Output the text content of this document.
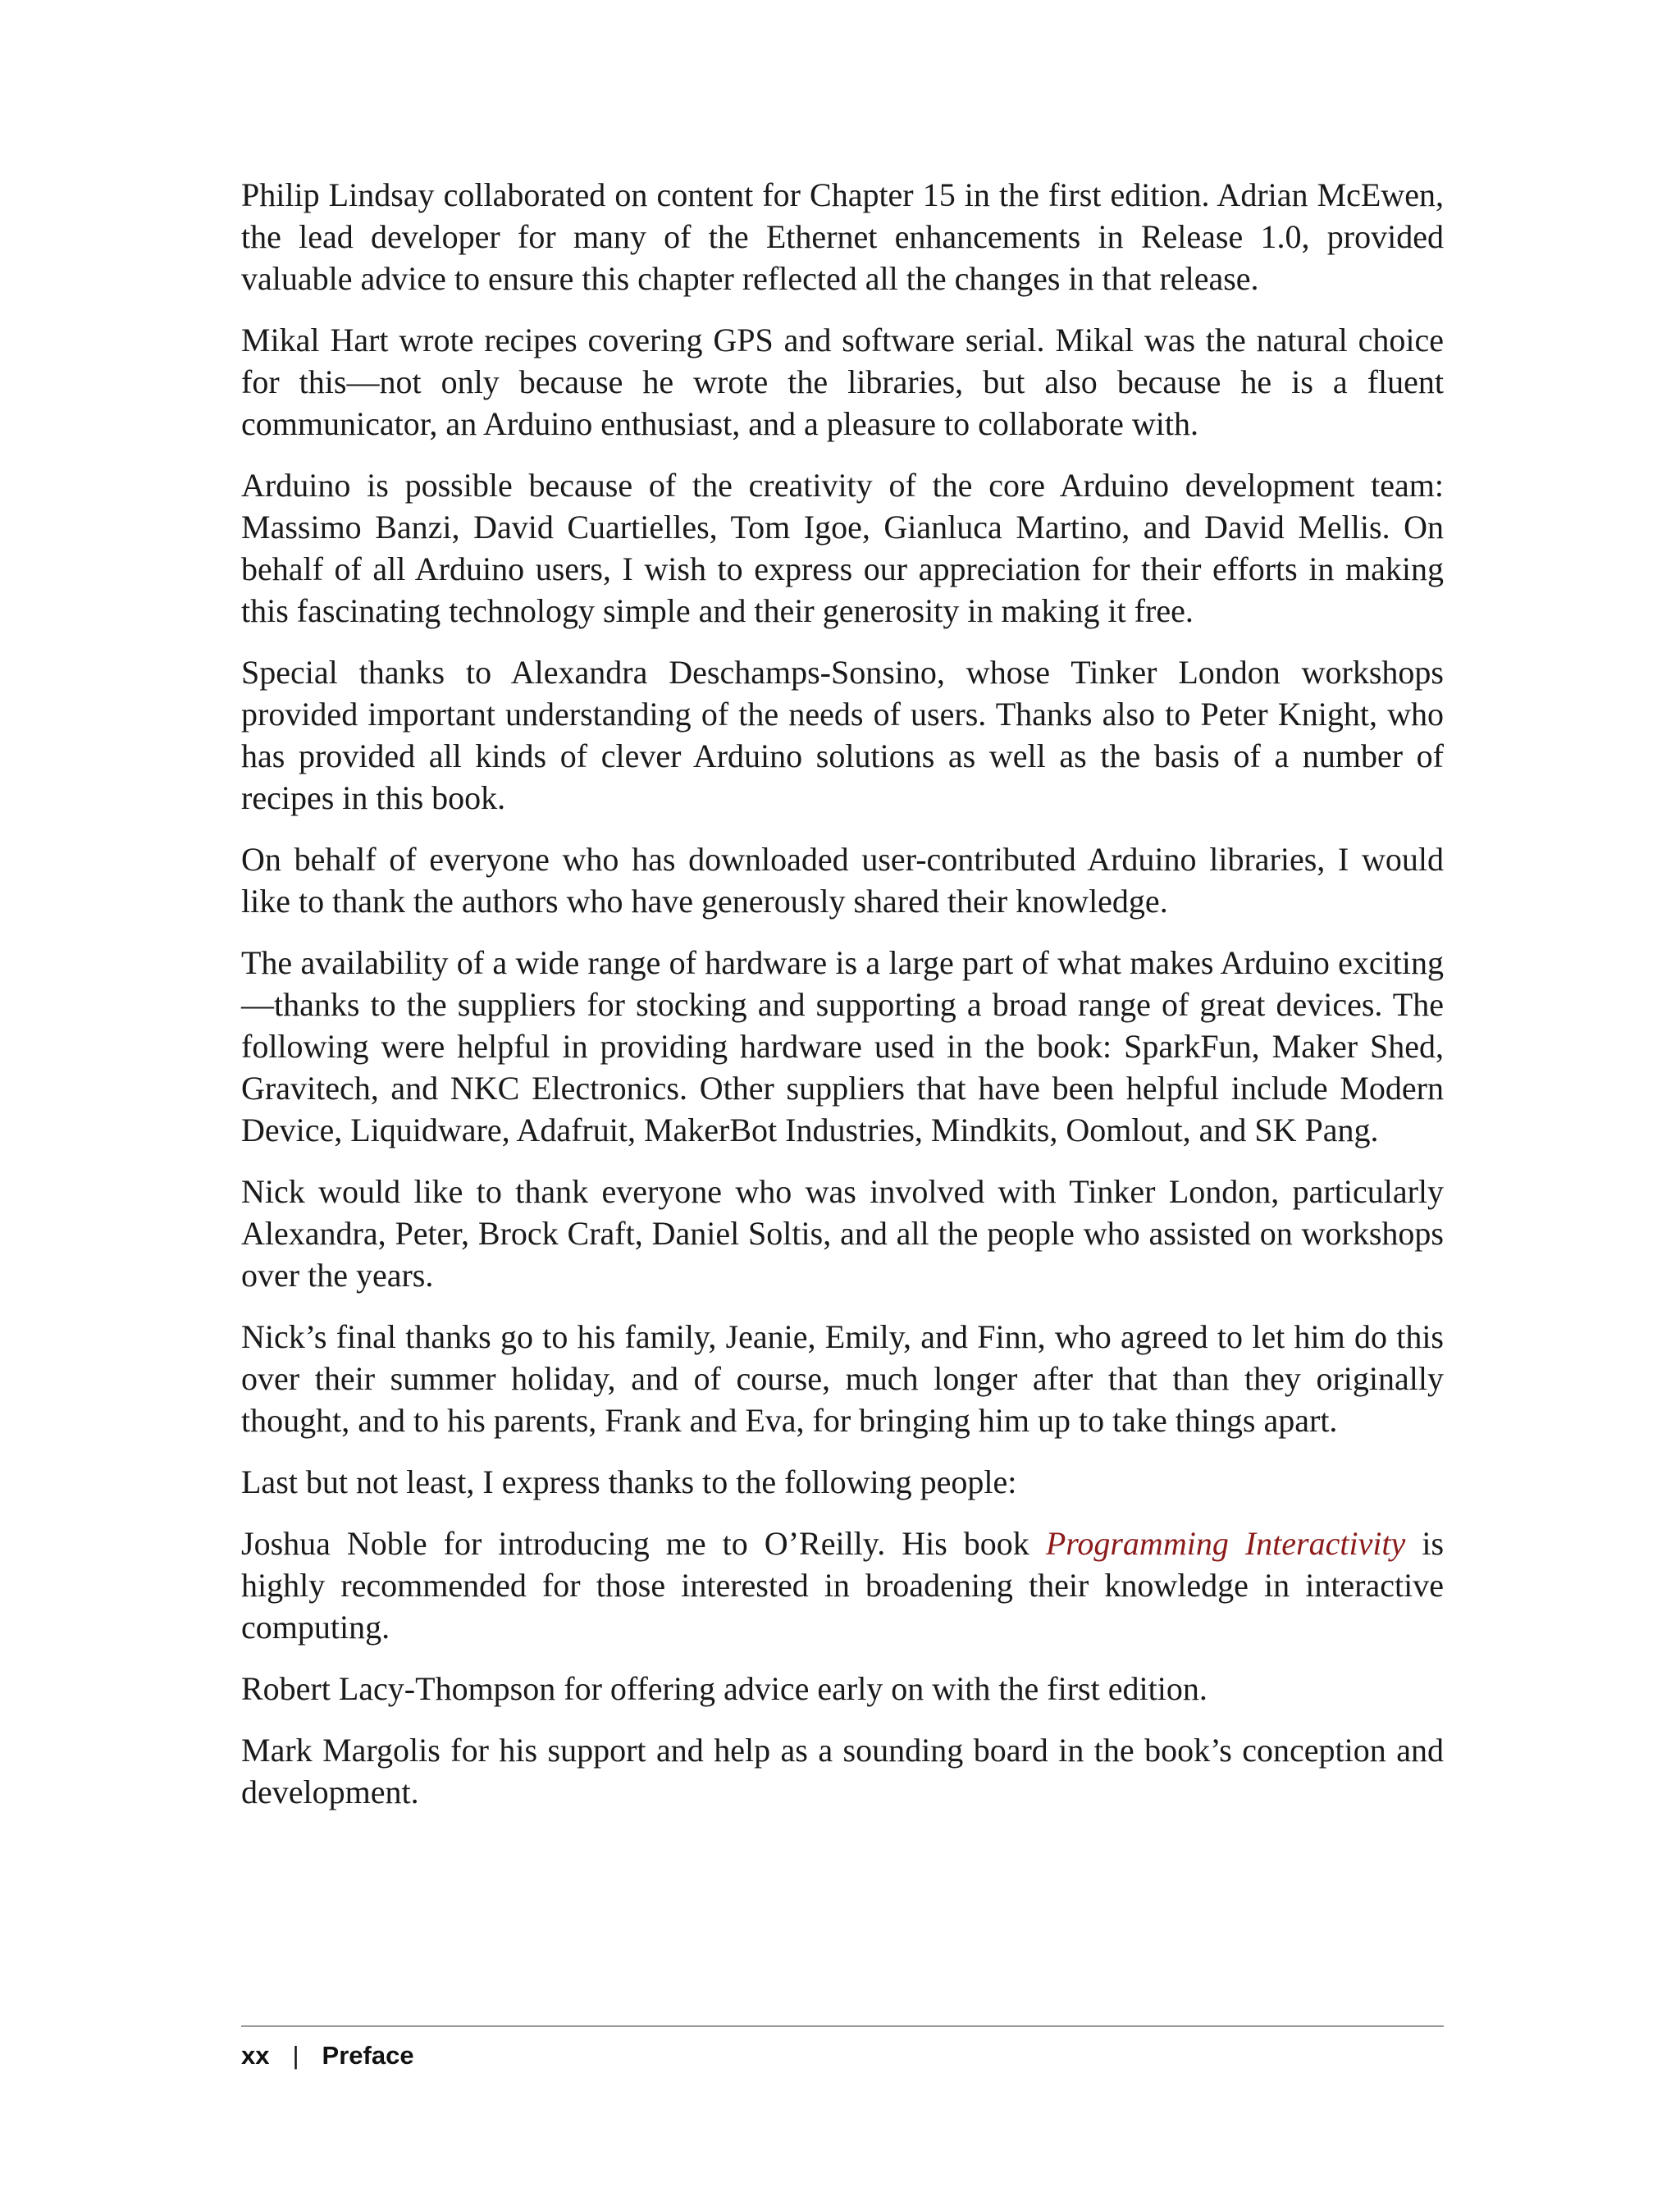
Philip Lindsay collaborated on content for Chapter 15 in the first edition. Adrian McEwen, the lead developer for many of the Ethernet enhancements in Release 1.0, provided valuable advice to ensure this chapter reflected all the changes in that release.

Mikal Hart wrote recipes covering GPS and software serial. Mikal was the natural choice for this—not only because he wrote the libraries, but also because he is a fluent communicator, an Arduino enthusiast, and a pleasure to collaborate with.

Arduino is possible because of the creativity of the core Arduino development team: Massimo Banzi, David Cuartielles, Tom Igoe, Gianluca Martino, and David Mellis. On behalf of all Arduino users, I wish to express our appreciation for their efforts in making this fascinating technology simple and their generosity in making it free.

Special thanks to Alexandra Deschamps-Sonsino, whose Tinker London workshops provided important understanding of the needs of users. Thanks also to Peter Knight, who has provided all kinds of clever Arduino solutions as well as the basis of a number of recipes in this book.

On behalf of everyone who has downloaded user-contributed Arduino libraries, I would like to thank the authors who have generously shared their knowledge.

The availability of a wide range of hardware is a large part of what makes Arduino exciting—thanks to the suppliers for stocking and supporting a broad range of great devices. The following were helpful in providing hardware used in the book: SparkFun, Maker Shed, Gravitech, and NKC Electronics. Other suppliers that have been helpful include Modern Device, Liquidware, Adafruit, MakerBot Industries, Mindkits, Oomlout, and SK Pang.

Nick would like to thank everyone who was involved with Tinker London, particularly Alexandra, Peter, Brock Craft, Daniel Soltis, and all the people who assisted on workshops over the years.

Nick’s final thanks go to his family, Jeanie, Emily, and Finn, who agreed to let him do this over their summer holiday, and of course, much longer after that than they originally thought, and to his parents, Frank and Eva, for bringing him up to take things apart.

Last but not least, I express thanks to the following people:

Joshua Noble for introducing me to O’Reilly. His book Programming Interactivity is highly recommended for those interested in broadening their knowledge in interactive computing.

Robert Lacy-Thompson for offering advice early on with the first edition.

Mark Margolis for his support and help as a sounding board in the book’s conception and development.

xx | Preface
